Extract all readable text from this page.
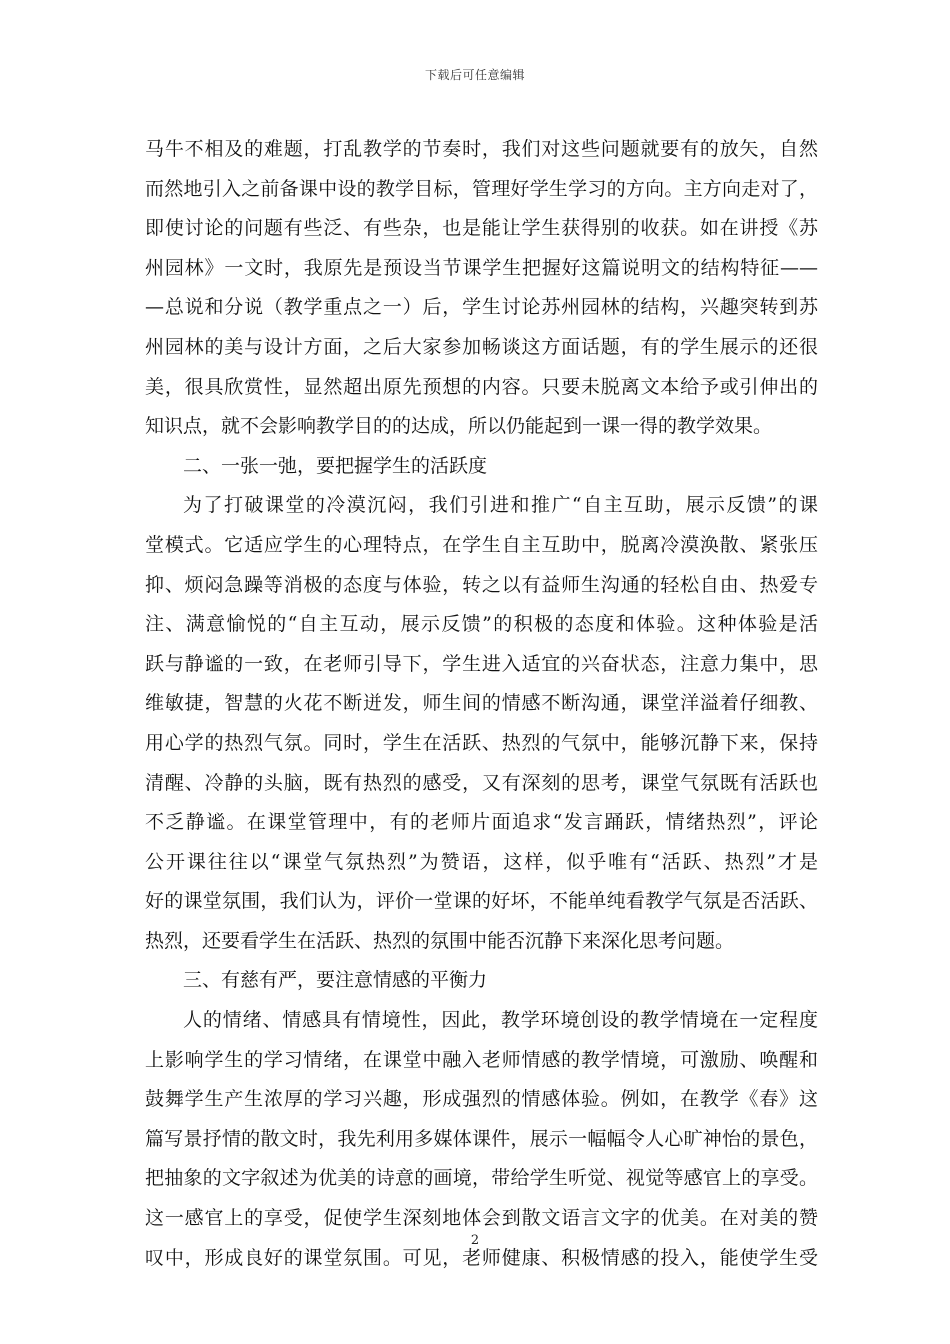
下载后可任意编辑
马牛不相及的难题，打乱教学的节奏时，我们对这些问题就要有的放矢，自然
而然地引入之前备课中设的教学目标，管理好学生学习的方向。主方向走对了，
即使讨论的问题有些泛、有些杂，也是能让学生获得别的收获。如在讲授《苏
州园林》一文时，我原先是预设当节课学生把握好这篇说明文的结构特征——
—总说和分说（教学重点之一）后，学生讨论苏州园林的结构，兴趣突转到苏
州园林的美与设计方面，之后大家参加畅谈这方面话题，有的学生展示的还很
美，很具欣赏性，显然超出原先预想的内容。只要未脱离文本给予或引伸出的
知识点，就不会影响教学目的的达成，所以仍能起到一课一得的教学效果。
二、一张一弛，要把握学生的活跃度
为了打破课堂的冷漠沉闷，我们引进和推广“自主互助，展示反馈”的课
堂模式。它适应学生的心理特点，在学生自主互助中，脱离冷漠涣散、紧张压
抑、烦闷急躁等消极的态度与体验，转之以有益师生沟通的轻松自由、热爱专
注、满意愉悦的“自主互动，展示反馈”的积极的态度和体验。这种体验是活
跃与静谧的一致，在老师引导下，学生进入适宜的兴奋状态，注意力集中，思
维敏捷，智慧的火花不断迸发，师生间的情感不断沟通，课堂洋溢着仔细教、
用心学的热烈气氛。同时，学生在活跃、热烈的气氛中，能够沉静下来，保持
清醒、冷静的头脑，既有热烈的感受，又有深刻的思考，课堂气氛既有活跃也
不乏静谧。在课堂管理中，有的老师片面追求“发言踊跃，情绪热烈”，评论
公开课往往以“课堂气氛热烈”为赞语，这样，似乎唯有“活跃、热烈”才是
好的课堂氛围，我们认为，评价一堂课的好坏，不能单纯看教学气氛是否活跃、
热烈，还要看学生在活跃、热烈的氛围中能否沉静下来深化思考问题。
三、有慈有严，要注意情感的平衡力
人的情绪、情感具有情境性，因此，教学环境创设的教学情境在一定程度
上影响学生的学习情绪，在课堂中融入老师情感的教学情境，可激励、唤醒和
鼓舞学生产生浓厚的学习兴趣，形成强烈的情感体验。例如，在教学《春》这
篇写景抒情的散文时，我先利用多媒体课件，展示一幅幅令人心旷神怡的景色，
把抽象的文字叙述为优美的诗意的画境，带给学生听觉、视觉等感官上的享受。
这一感官上的享受，促使学生深刻地体会到散文语言文字的优美。在对美的赞
叹中，形成良好的课堂氛围。可见，老师健康、积极情感的投入，能使学生受
2
